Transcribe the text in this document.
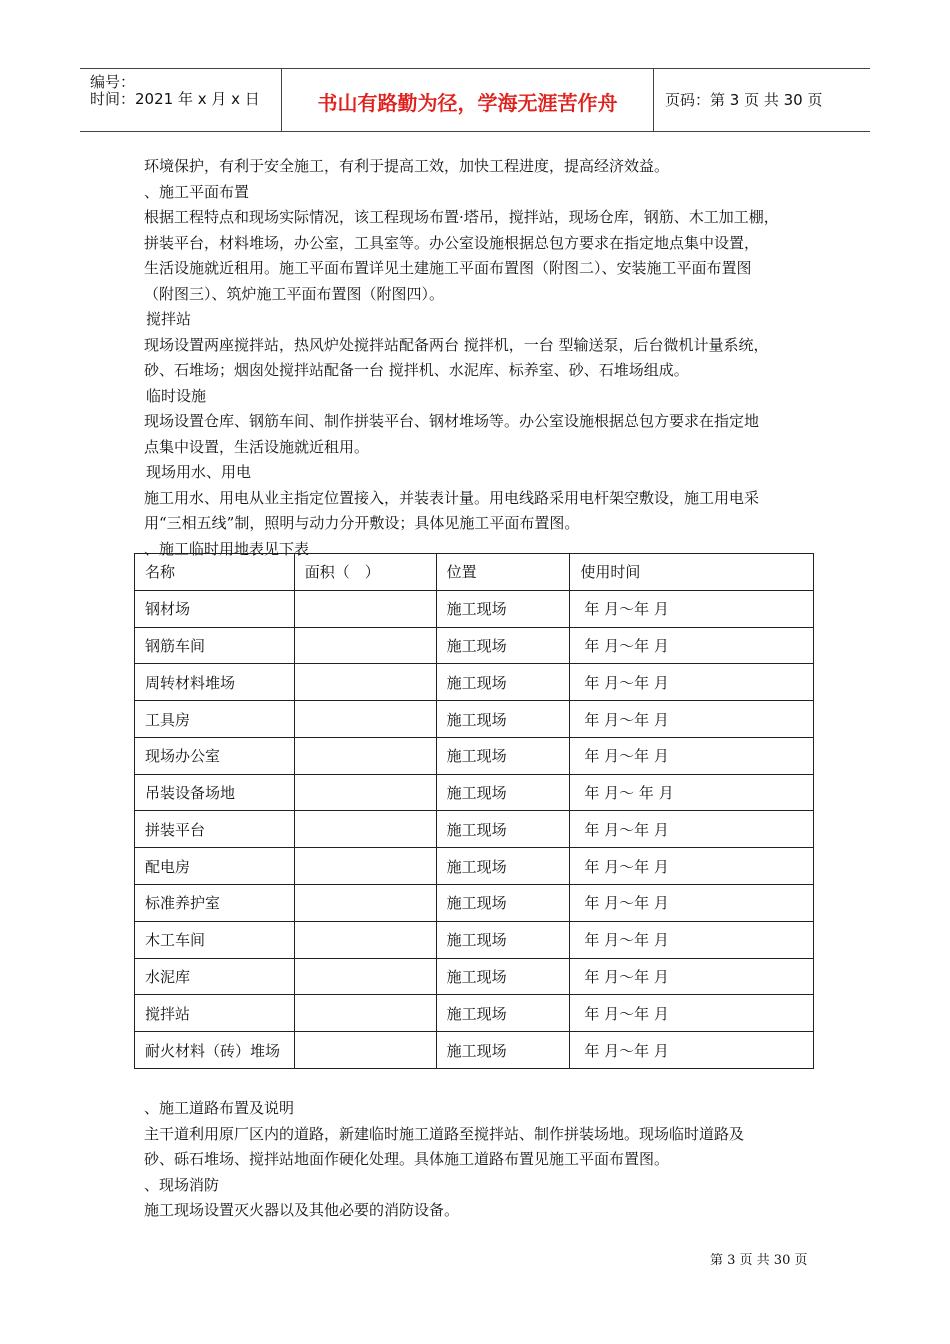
编号：
时间：2021 年 x 月 x 日	书山有路勤为径，学海无涯苦作舟	页码：第 3 页 共 30 页

环境保护，有利于安全施工，有利于提高工效，加快工程进度，提高经济效益。

、施工平面布置

根据工程特点和现场实际情况，该工程现场布置·塔吊，搅拌站，现场仓库，钢筋、木工加工棚，

拼装平台，材料堆场，办公室，工具室等。办公室设施根据总包方要求在指定地点集中设置，

生活设施就近租用。施工平面布置详见土建施工平面布置图（附图二）、安装施工平面布置图

（附图三）、筑炉施工平面布置图（附图四）。

搅拌站

现场设置两座搅拌站，热风炉处搅拌站配备两台 搅拌机，一台 型输送泵，后台微机计量系统，

砂、石堆场；烟囱处搅拌站配备一台 搅拌机、水泥库、标养室、砂、石堆场组成。

临时设施

现场设置仓库、钢筋车间、制作拼装平台、钢材堆场等。办公室设施根据总包方要求在指定地

点集中设置，生活设施就近租用。

现场用水、用电

施工用水、用电从业主指定位置接入，并装表计量。用电线路采用电杆架空敷设，施工用电采

用“三相五线”制，照明与动力分开敷设；具体见施工平面布置图。

、施工临时用地表见下表

名称	面积（　）	位置	使用时间
钢材场		施工现场	年 月～年 月
钢筋车间		施工现场	年 月～年 月
周转材料堆场		施工现场	年 月～年 月
工具房		施工现场	年 月～年 月
现场办公室		施工现场	年 月～年 月
吊装设备场地		施工现场	年 月～ 年 月
拼装平台		施工现场	年 月～年 月
配电房		施工现场	年 月～年 月
标准养护室		施工现场	年 月～年 月
木工车间		施工现场	年 月～年 月
水泥库		施工现场	年 月～年 月
搅拌站		施工现场	年 月～年 月
耐火材料（砖）堆场		施工现场	年 月～年 月

、施工道路布置及说明

主干道利用原厂区内的道路，新建临时施工道路至搅拌站、制作拼装场地。现场临时道路及

砂、砾石堆场、搅拌站地面作硬化处理。具体施工道路布置见施工平面布置图。

、现场消防

施工现场设置灭火器以及其他必要的消防设备。

第 3 页 共 30 页
